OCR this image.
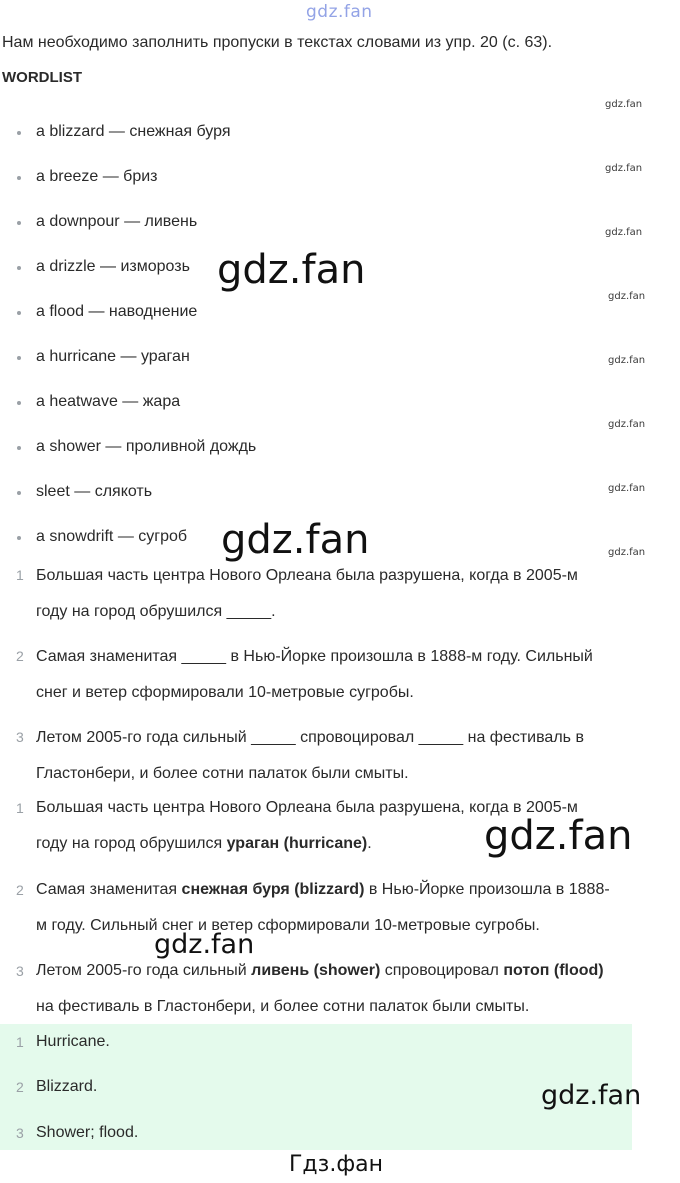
gdz.fan
Нам необходимо заполнить пропуски в текстах словами из упр. 20 (с. 63).
WORDLIST
a blizzard — снежная буря
a breeze — бриз
a downpour — ливень
a drizzle — изморозь
a flood — наводнение
a hurricane — ураган
a heatwave — жара
a shower — проливной дождь
sleet — слякоть
a snowdrift — сугроб
1 Большая часть центра Нового Орлеана была разрушена, когда в 2005-м
году на город обрушился _____.
2 Самая знаменитая _____ в Нью-Йорке произошла в 1888-м году. Сильный
снег и ветер сформировали 10-метровые сугробы.
3 Летом 2005-го года сильный _____ спровоцировал _____ на фестиваль в
Гластонбери, и более сотни палаток были смыты.
1 Большая часть центра Нового Орлеана была разрушена, когда в 2005-м
году на город обрушился ураган (hurricane).
2 Самая знаменитая снежная буря (blizzard) в Нью-Йорке произошла в 1888-
м году. Сильный снег и ветер сформировали 10-метровые сугробы.
3 Летом 2005-го года сильный ливень (shower) спровоцировал потоп (flood)
на фестиваль в Гластонбери, и более сотни палаток были смыты.
1 Hurricane.
2 Blizzard.
3 Shower; flood.
gdz.fan
gdz.fan
gdz.fan
gdz.fan
gdz.fan
gdz.fan
gdz.fan
gdz.fan
gdz.fan
gdz.fan
gdz.fan
gdz.fan
gdz.fan
Гдз.фан
